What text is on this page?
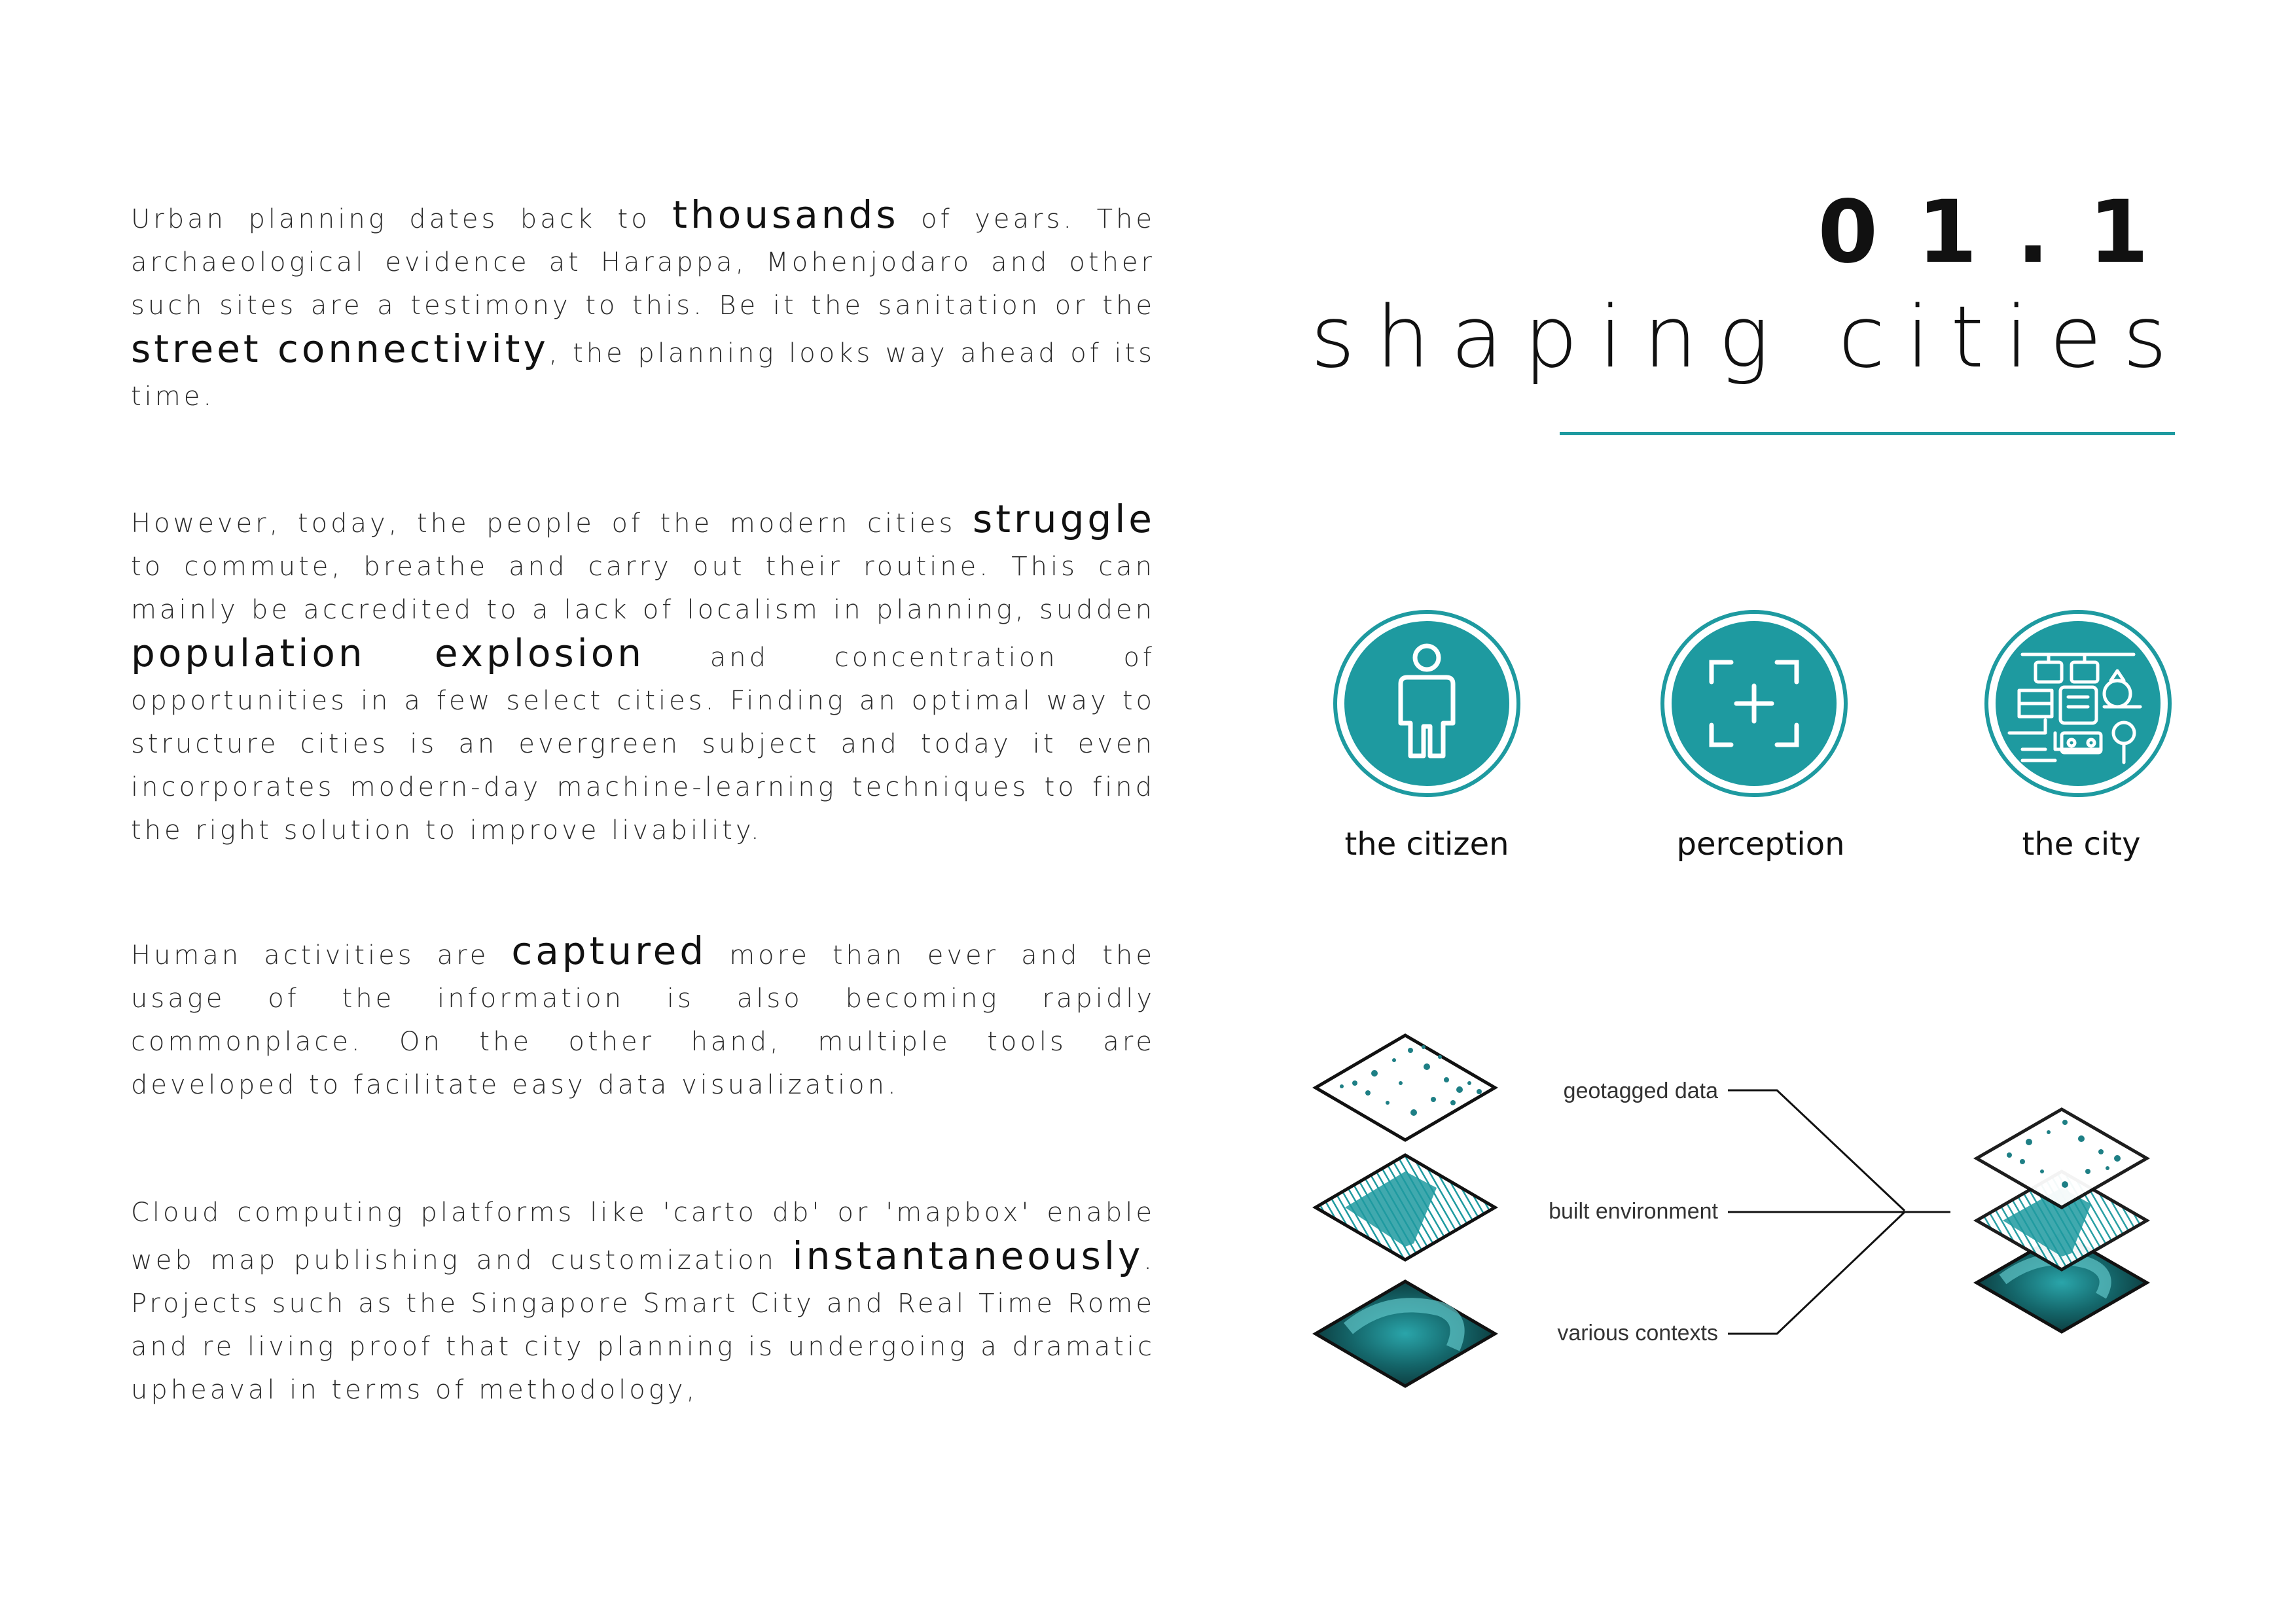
Urban planning dates back to thousands of years. The archaeological evidence at Harappa, Mohenjodaro and other such sites are a testimony to this. Be it the sanitation or the street connectivity, the planning looks way ahead of its time.

However, today, the people of the modern cities struggle to commute, breathe and carry out their routine. This can mainly be accredited to a lack of localism in planning, sudden population explosion and concentration of opportunities in a few select cities. Finding an optimal way to structure cities is an evergreen subject and today it even incorporates modern-day machine-learning techniques to find the right solution to improve livability.

Human activities are captured more than ever and the usage of the information is also becoming rapidly commonplace. On the other hand, multiple tools are developed to facilitate easy data visualization.

Cloud computing platforms like 'carto db' or 'mapbox' enable web map publishing and customization instantaneously. Projects such as the Singapore Smart City and Real Time Rome and re living proof that city planning is undergoing a dramatic upheaval in terms of methodology,

01.1
shaping cities
the citizen	perception	the city
geotagged data
built environment
various contexts
